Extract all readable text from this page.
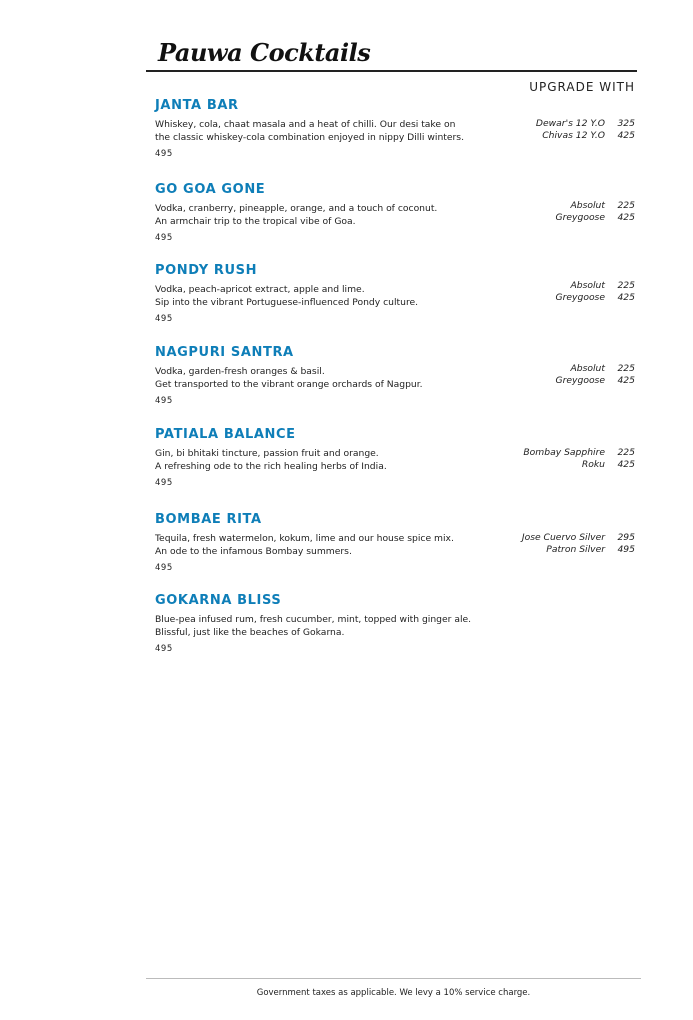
Pauwa Cocktails
UPGRADE WITH
JANTA BAR

Whiskey, cola, chaat masala and a heat of chilli. Our desi take on

the classic whiskey-cola combination enjoyed in nippy Dilli winters.

495
Dewar's 12 Y.O	325
Chivas 12 Y.O	425
GO GOA GONE

Vodka, cranberry, pineapple, orange, and a touch of coconut.

An armchair trip to the tropical vibe of Goa.

495
Absolut	225
Greygoose	425
PONDY RUSH

Vodka, peach-apricot extract, apple and lime.

Sip into the vibrant Portuguese-influenced Pondy culture.

495
Absolut	225
Greygoose	425
NAGPURI SANTRA

Vodka, garden-fresh oranges & basil.

Get transported to the vibrant orange orchards of Nagpur.

495
Absolut	225
Greygoose	425
PATIALA BALANCE

Gin, bi bhitaki tincture, passion fruit and orange.

A refreshing ode to the rich healing herbs of India.

495
Bombay Sapphire	225
Roku	425
BOMBAE RITA

Tequila, fresh watermelon, kokum, lime and our house spice mix.

An ode to the infamous Bombay summers.

495
Jose Cuervo Silver	295
Patron Silver	495
GOKARNA BLISS

Blue-pea infused rum, fresh cucumber, mint, topped with ginger ale.

Blissful, just like the beaches of Gokarna.

495
Government taxes as applicable. We levy a 10% service charge.
